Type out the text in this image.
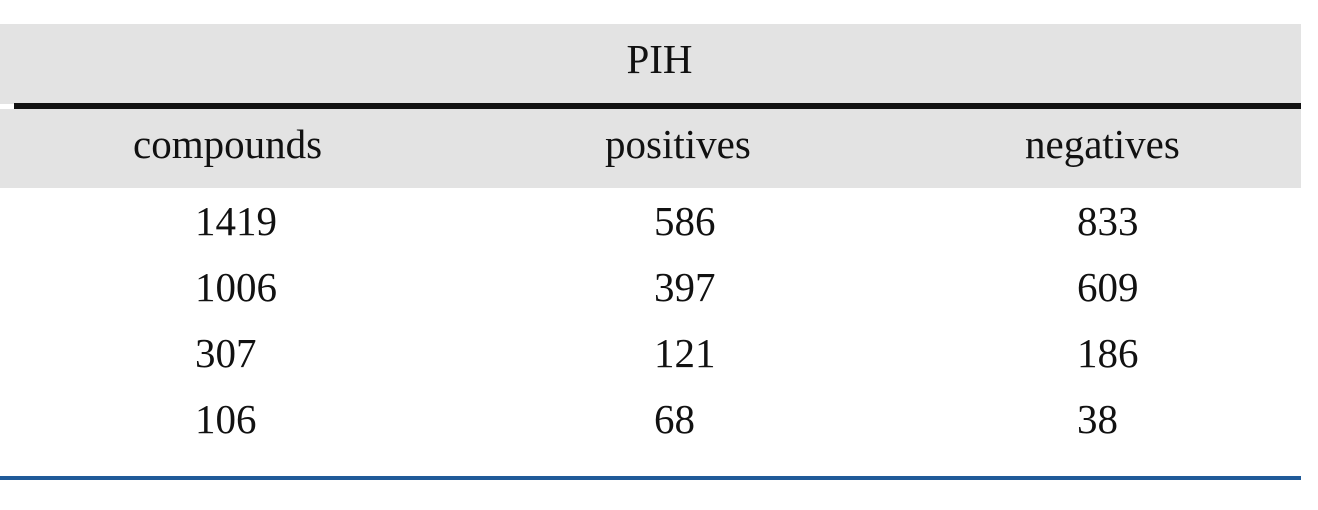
PIH
compounds	positives	negatives
1419	586	833
1006	397	609
307	121	186
106	68	38
